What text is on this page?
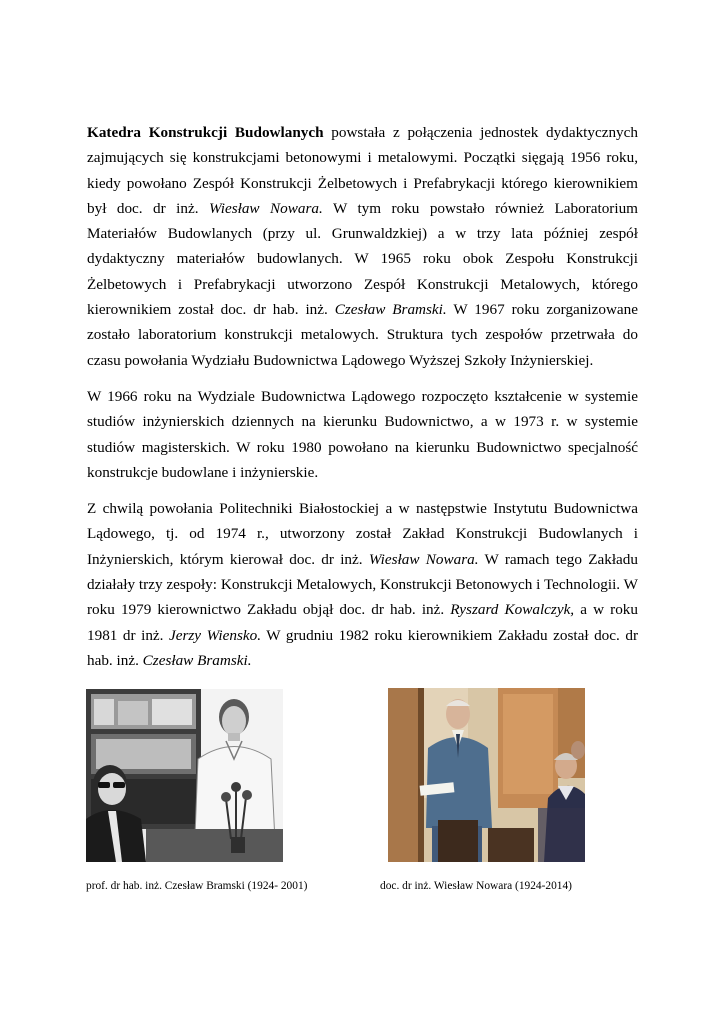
Katedra Konstrukcji Budowlanych powstała z połączenia jednostek dydaktycznych zajmujących się konstrukcjami betonowymi i metalowymi. Początki sięgają 1956 roku, kiedy powołano Zespół Konstrukcji Żelbetowych i Prefabrykacji którego kierownikiem był doc. dr inż. Wiesław Nowara. W tym roku powstało również Laboratorium Materiałów Budowlanych (przy ul. Grunwaldzkiej) a w trzy lata później zespół dydaktyczny materiałów budowlanych. W 1965 roku obok Zespołu Konstrukcji Żelbetowych i Prefabrykacji utworzono Zespół Konstrukcji Metalowych, którego kierownikiem został doc. dr hab. inż. Czesław Bramski. W 1967 roku zorganizowane zostało laboratorium konstrukcji metalowych. Struktura tych zespołów przetrwała do czasu powołania Wydziału Budownictwa Lądowego Wyższej Szkoły Inżynierskiej.

W 1966 roku na Wydziale Budownictwa Lądowego rozpoczęto kształcenie w systemie studiów inżynierskich dziennych na kierunku Budownictwo, a w 1973 r. w systemie studiów magisterskich. W roku 1980 powołano na kierunku Budownictwo specjalność konstrukcje budowlane i inżynierskie.

Z chwilą powołania Politechniki Białostockiej a w następstwie Instytutu Budownictwa Lądowego, tj. od 1974 r., utworzony został Zakład Konstrukcji Budowlanych i Inżynierskich, którym kierował doc. dr inż. Wiesław Nowara. W ramach tego Zakładu działały trzy zespoły: Konstrukcji Metalowych, Konstrukcji Betonowych i Technologii. W roku 1979 kierownictwo Zakładu objął doc. dr hab. inż. Ryszard Kowalczyk, a w roku 1981 dr inż. Jerzy Wiensko. W grudniu 1982 roku kierownikiem Zakładu został doc. dr hab. inż. Czesław Bramski.

prof. dr hab. inż. Czesław Bramski (1924- 2001)	doc. dr inż. Wiesław Nowara (1924-2014)
